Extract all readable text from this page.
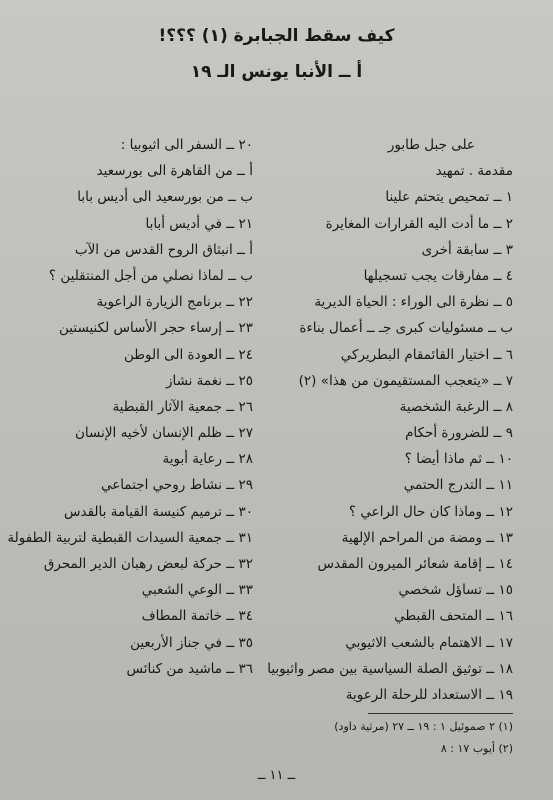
كيف سقط الجبابرة (١) ؟؟؟!
أ ــ الأنبا يونس الـ ١٩
على جبل طابور
مقدمة . تمهيد
١ ــ تمحيص يتحتم علينا
٢ ــ ما أدت اليه القرارات المغايرة
٣ ــ سابقة أخرى
٤ ــ مفارقات يجب تسجيلها
٥ ــ نظرة الى الوراء : الحياة الديرية
ب ــ مسئوليات كبرى جـ ــ أعمال بناءة
٦ ــ اختيار القائمقام البطريركي
٧ ــ «يتعجب المستقيمون من هذا» (٢)
٨ ــ الرغبة الشخصية
٩ ــ للضرورة أحكام
١٠ ــ ثم ماذا أيضا ؟
١١ ــ التدرج الحتمي
١٢ ــ وماذا كان حال الراعي ؟
١٣ ــ ومضة من المراحم الإلهية
١٤ ــ إقامة شعائر الميرون المقدس
١٥ ــ تساؤل شخصي
١٦ ــ المتحف القبطي
١٧ ــ الاهتمام بالشعب الاثيوبي
١٨ ــ توثيق الصلة السياسية بين مصر واثيوبيا
١٩ ــ الاستعداد للرحلة الرعوية
٢٠ ــ السفر الى اثيوبيا :
أ ــ من القاهرة الى بورسعيد
ب ــ من بورسعيد الى أديس بابا
٢١ ــ في أديس أبابا
أ ــ انبثاق الروح القدس من الآب
ب ــ لماذا نصلي من أجل المنتقلين ؟
٢٢ ــ برنامج الزيارة الراعوية
٢٣ ــ إرساء حجر الأساس لكنيستين
٢٤ ــ العودة الى الوطن
٢٥ ــ نغمة نشاز
٢٦ ــ جمعية الآثار القبطية
٢٧ ــ ظلم الإنسان لأخيه الإنسان
٢٨ ــ رعاية أبوية
٢٩ ــ نشاط روحي اجتماعي
٣٠ ــ ترميم كنيسة القيامة بالقدس
٣١ ــ جمعية السيدات القبطية لتربية الطفولة
٣٢ ــ حركة لبعض رهبان الدير المحرق
٣٣ ــ الوعي الشعبي
٣٤ ــ خاتمة المطاف
٣٥ ــ في جناز الأربعين
٣٦ ــ ماشيد من كنائس
(١) ٢ صموئيل ١ : ١٩ ــ ٢٧ (مرثية داود)
(٢) أيوب ١٧ : ٨
ــ ١١ ــ
